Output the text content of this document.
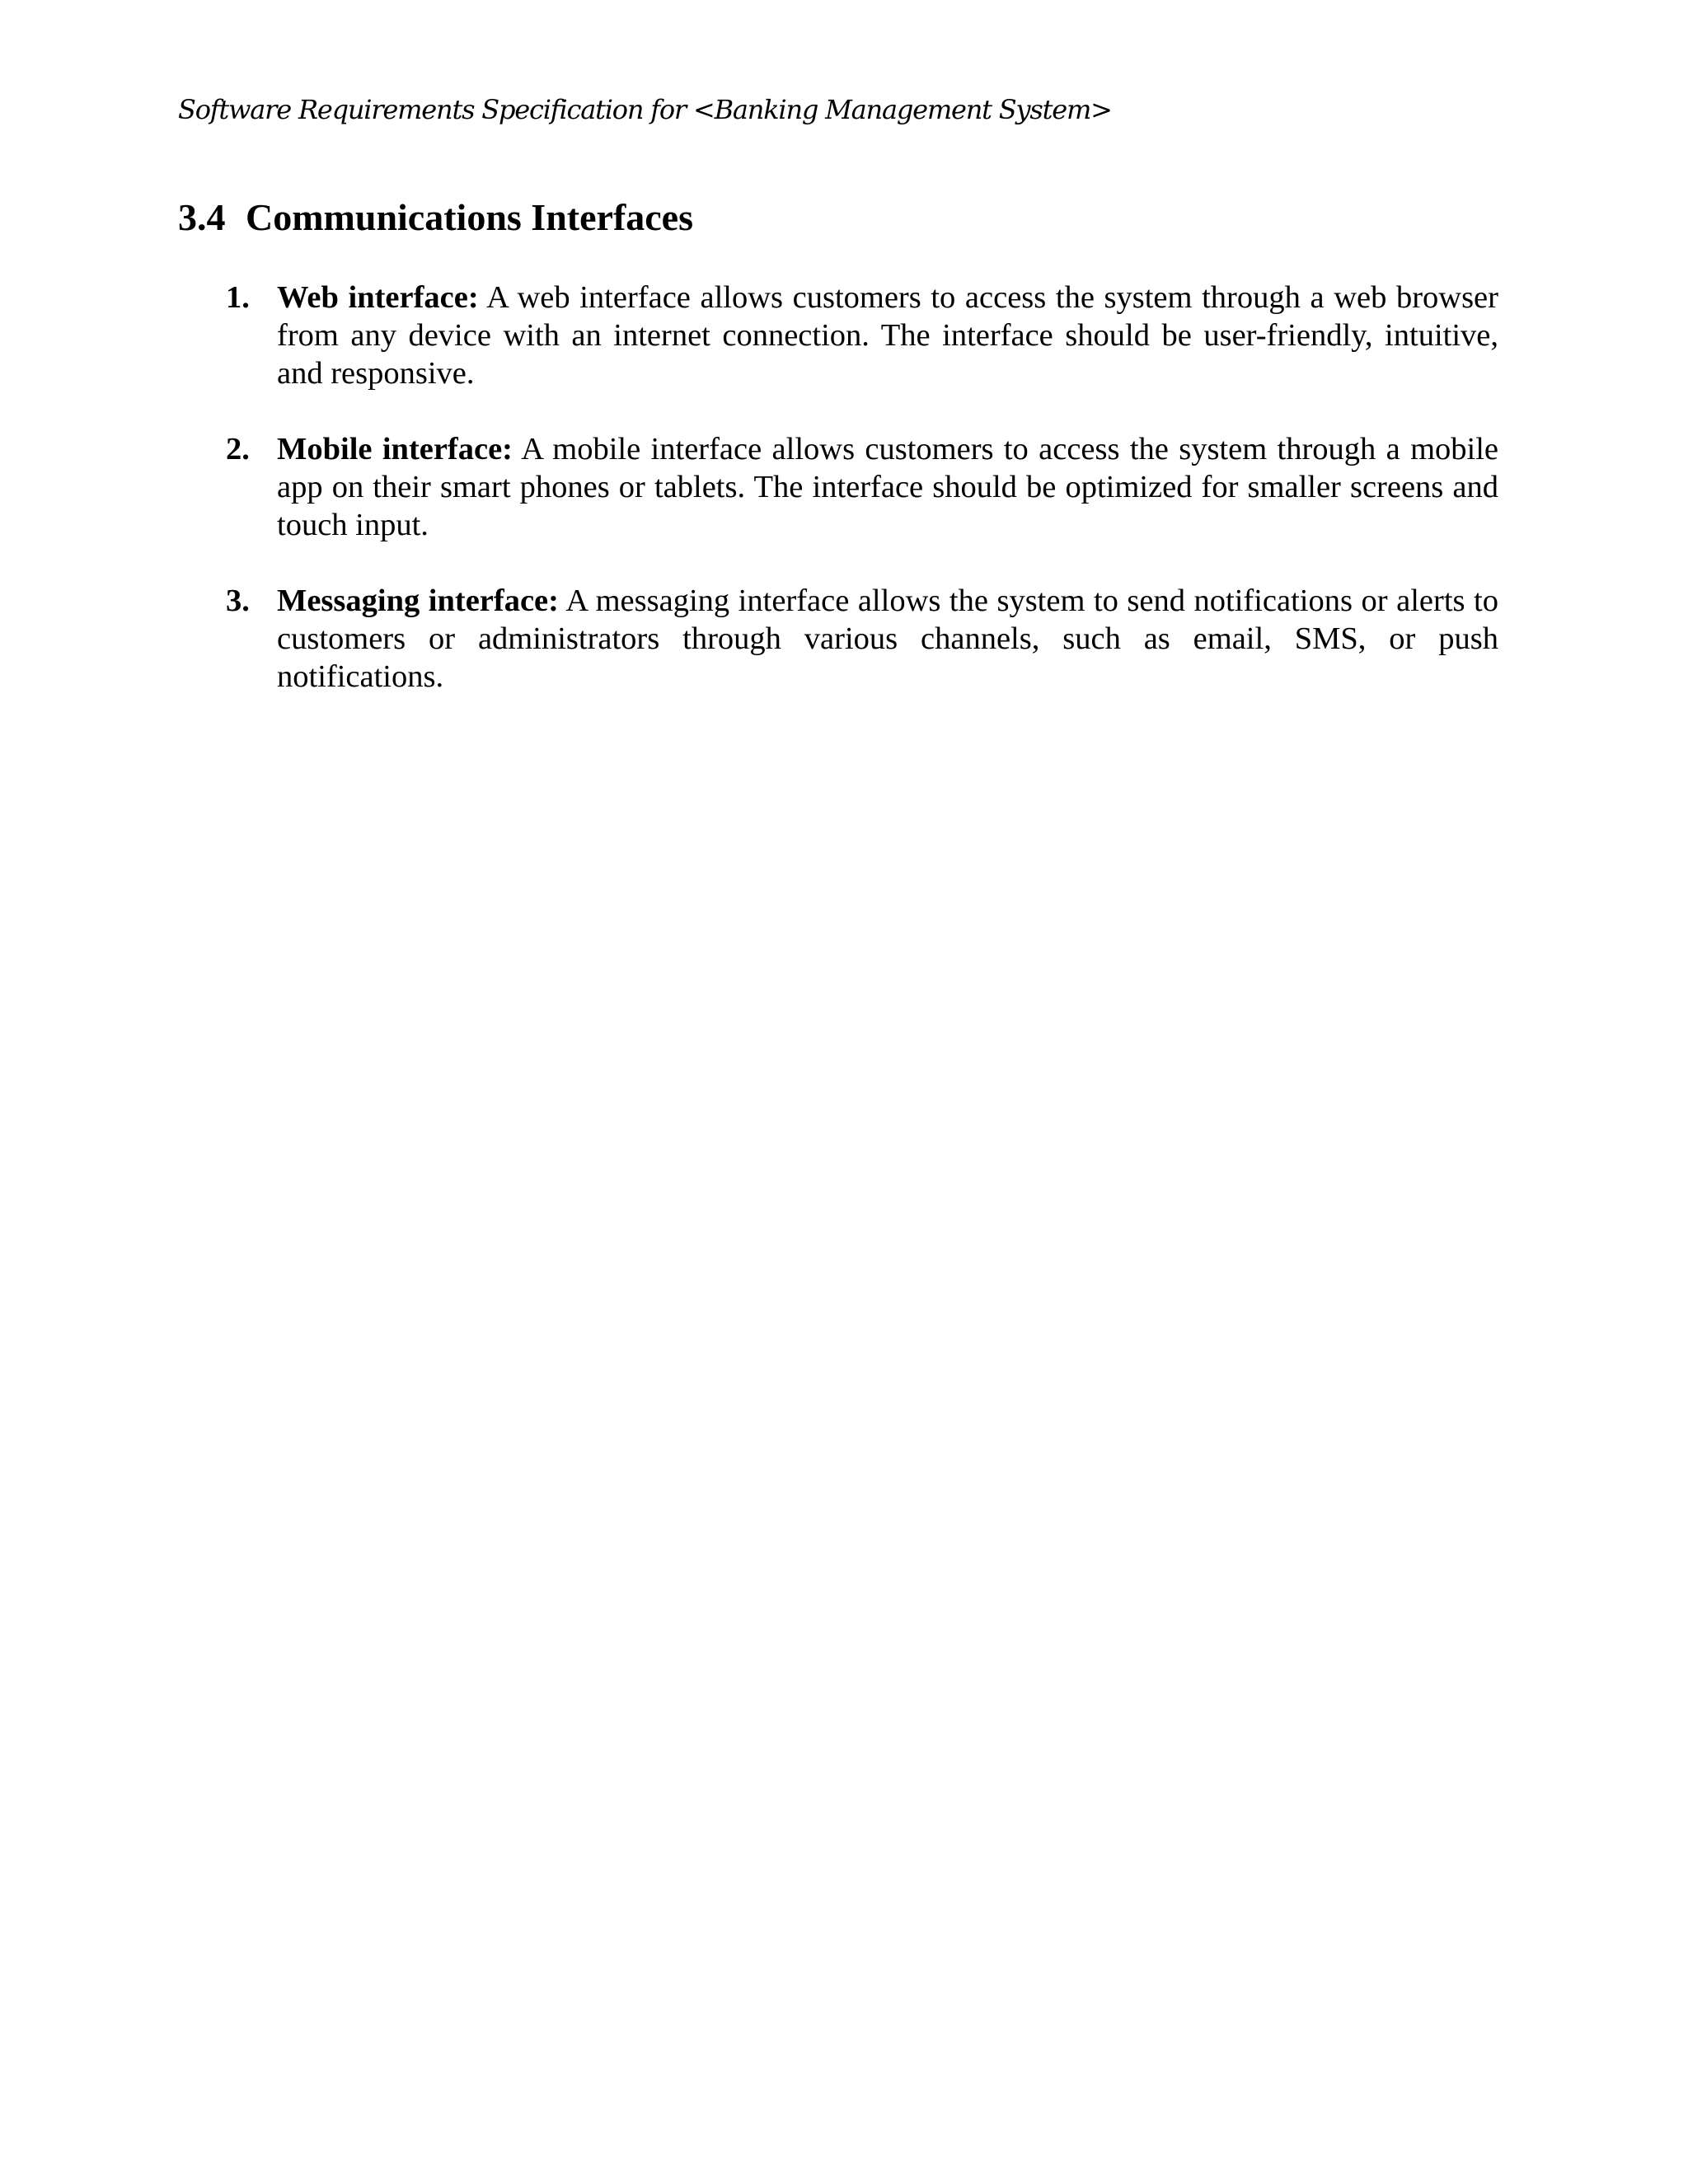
Software Requirements Specification for <Banking Management System>
3.4 Communications Interfaces
1. Web interface: A web interface allows customers to access the system through a web browser from any device with an internet connection. The interface should be user-friendly, intuitive, and responsive.
2. Mobile interface: A mobile interface allows customers to access the system through a mobile app on their smart phones or tablets. The interface should be optimized for smaller screens and touch input.
3. Messaging interface: A messaging interface allows the system to send notifications or alerts to customers or administrators through various channels, such as email, SMS, or push notifications.
